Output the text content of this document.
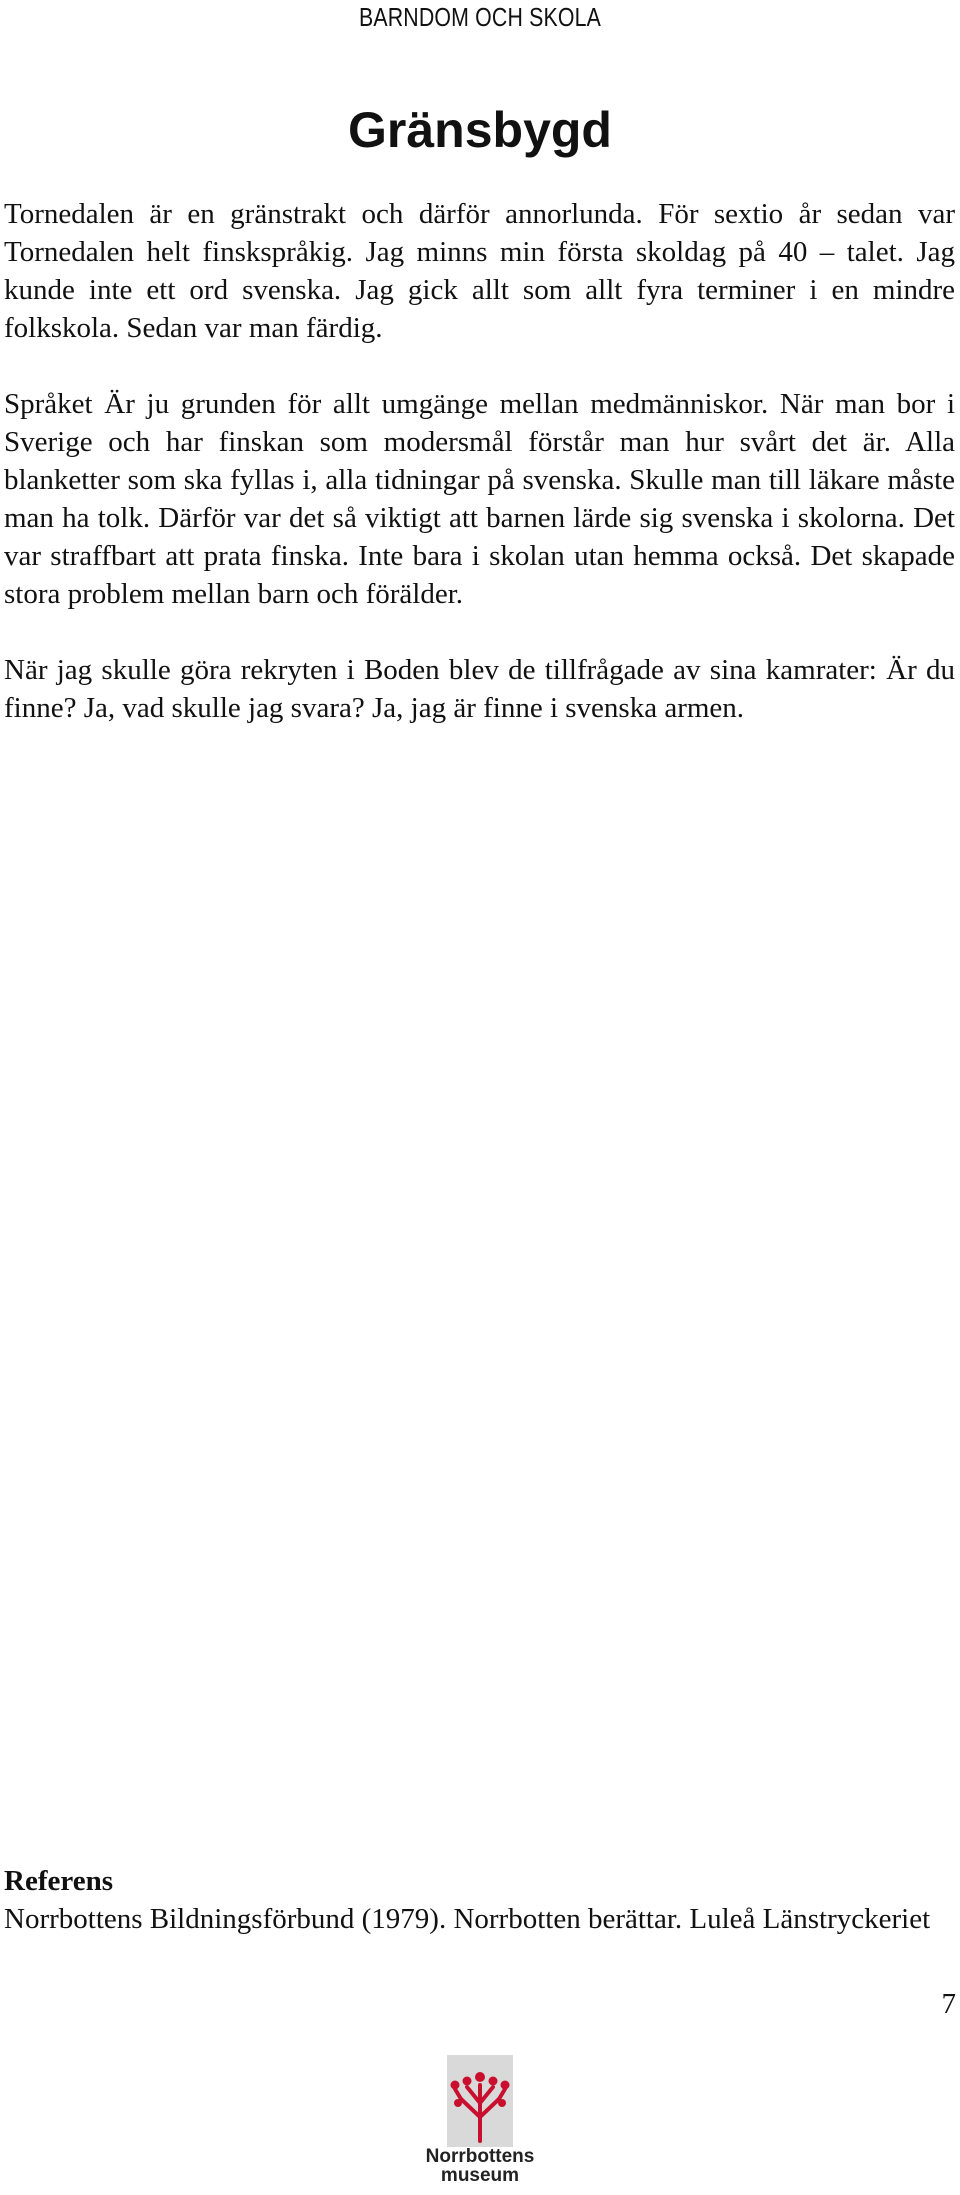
BARNDOM OCH SKOLA
Gränsbygd

Tornedalen är en gränstrakt och därför annorlunda. För sextio år sedan var Tornedalen helt finskspråkig. Jag minns min första skoldag på 40 – talet. Jag kunde inte ett ord svenska. Jag gick allt som allt fyra terminer i en mindre folkskola. Sedan var man färdig.

Språket Är ju grunden för allt umgänge mellan medmänniskor. När man bor i Sverige och har finskan som modersmål förstår man hur svårt det är. Alla blanketter som ska fyllas i, alla tidningar på svenska. Skulle man till läkare måste man ha tolk. Därför var det så viktigt att barnen lärde sig svenska i skolorna. Det var straffbart att prata finska. Inte bara i skolan utan hemma också. Det skapade stora problem mellan barn och förälder.

När jag skulle göra rekryten i Boden blev de tillfrågade av sina kamrater: Är du finne? Ja, vad skulle jag svara? Ja, jag är finne i svenska armen.

Referens

Norrbottens Bildningsförbund (1979). Norrbotten berättar. Luleå Länstryckeriet

7

Norrbottens

museum
